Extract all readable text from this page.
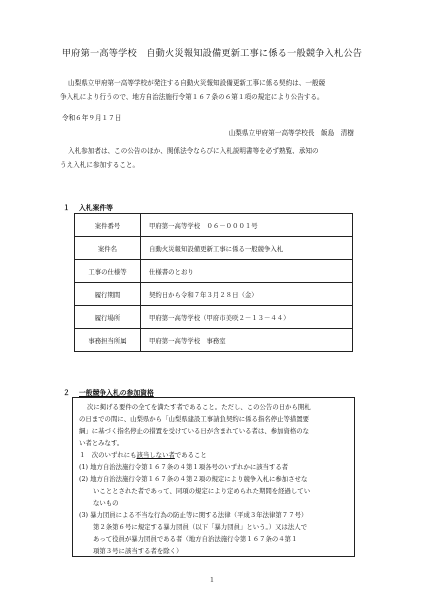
甲府第一高等学校　自動火災報知設備更新工事に係る一般競争入札公告
山梨県立甲府第一高等学校が発注する自動火災報知設備更新工事に係る契約は、一般競
争入札により行うので、地方自治法施行令第１６７条の６第１項の規定により公告する。
令和６年９月１７日
山梨県立甲府第一高等学校長　飯島　清樹
入札参加者は、この公告のほか、関係法令ならびに入札説明書等を必ず熟覧、承知の
うえ入札に参加すること。
１ 入札案件等
案件番号	甲府第一高等学校　０６－０００１号
案件名	自動火災報知設備更新工事に係る一般競争入札
工事の仕様等	仕様書のとおり
履行期間	契約日から令和７年３月２８日（金）
履行場所	甲府第一高等学校（甲府市美咲２－１３－４４）
事務担当所属	甲府第一高等学校　事務室
２ 一般競争入札の参加資格
次に掲げる要件の全てを満たす者であること。ただし、この公告の日から開札
の日までの間に、山梨県から「山梨県建設工事請負契約に係る指名停止等措置要
綱」に基づく指名停止の措置を受けている日が含まれている者は、参加資格のな
い者とみなす。
１　次のいずれにも該当しない者であること
(1) 地方自治法施行令第１６７条の４第１項各号のいずれかに該当する者
(2) 地方自治法施行令第１６７条の４第２項の規定により競争入札に参加させな
いこととされた者であって、同項の規定により定められた期間を経過してい
ないもの
(3) 暴力団員による不当な行為の防止等に関する法律（平成３年法律第７７号）
第２条第６号に規定する暴力団員（以下「暴力団員」という。）又は法人で
あって役員が暴力団員である者（地方自治法施行令第１６７条の４第１
項第３号に該当する者を除く）
１
